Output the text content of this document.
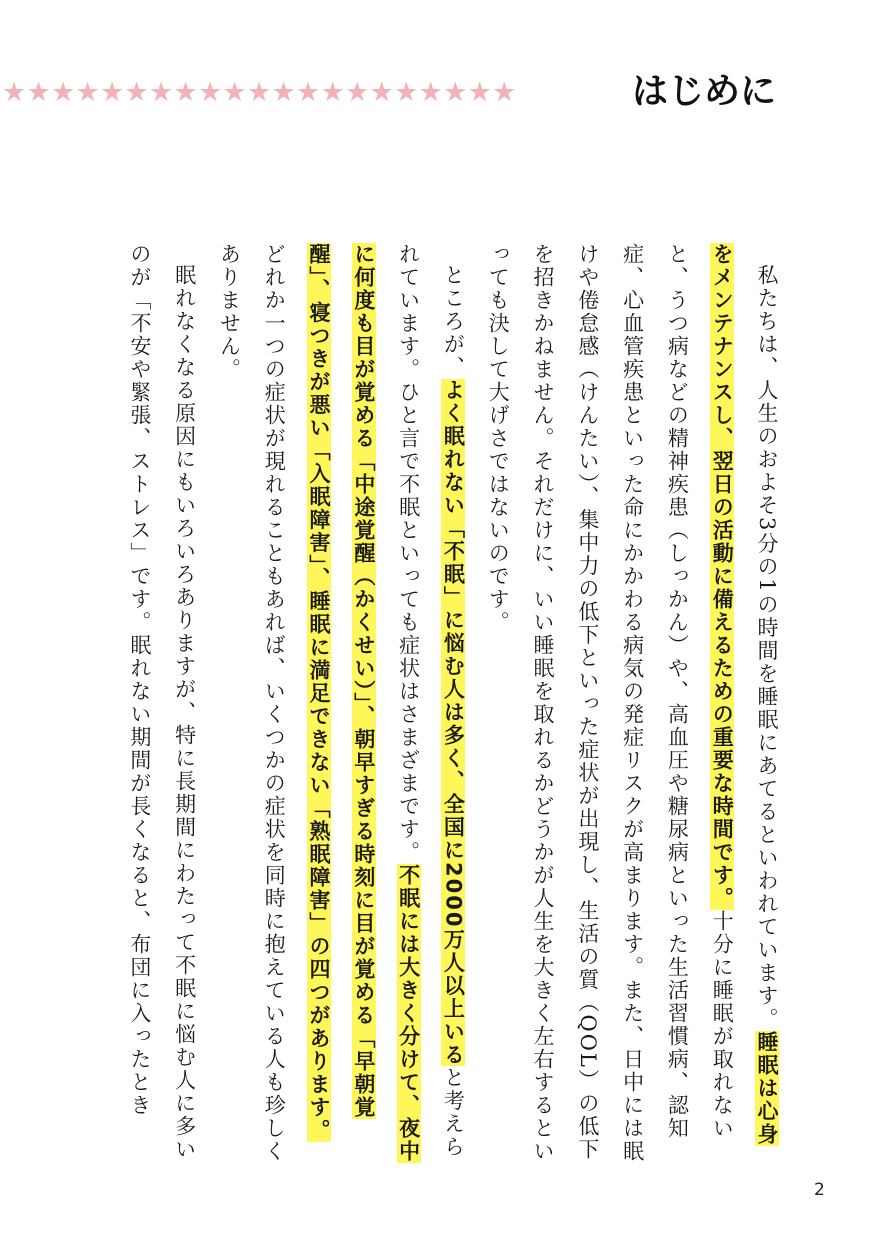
★★★★★★★★★★★★★★★★★★★★★	はじめに

私たちは、人生のおよそ3分の1の時間を睡眠にあてるといわれています。睡眠は心身をメンテナンスし、翌日の活動に備えるための重要な時間です。十分に睡眠が取れないと、うつ病などの精神疾患（しっかん）や、高血圧や糖尿病といった生活習慣病、認知症、心血管疾患といった命にかかわる病気の発症リスクが高まります。また、日中には眠けや倦怠感（けんたい）、集中力の低下といった症状が出現し、生活の質（QOL）の低下を招きかねません。それだけに、いい睡眠を取れるかどうかが人生を大きく左右するといっても決して大げさではないのです。

ところが、よく眠れない「不眠」に悩む人は多く、全国に2000万人以上いると考えられています。ひと言で不眠といっても症状はさまざまです。不眠には大きく分けて、夜中に何度も目が覚める「中途覚醒（かくせい）」、朝早すぎる時刻に目が覚める「早朝覚醒」、寝つきが悪い「入眠障害」、睡眠に満足できない「熟眠障害」の四つがあります。どれか一つの症状が現れることもあれば、いくつかの症状を同時に抱えている人も珍しくありません。

眠れなくなる原因にもいろいろありますが、特に長期間にわたって不眠に悩む人に多いのが「不安や緊張、ストレス」です。眠れない期間が長くなると、布団に入ったとき

2
